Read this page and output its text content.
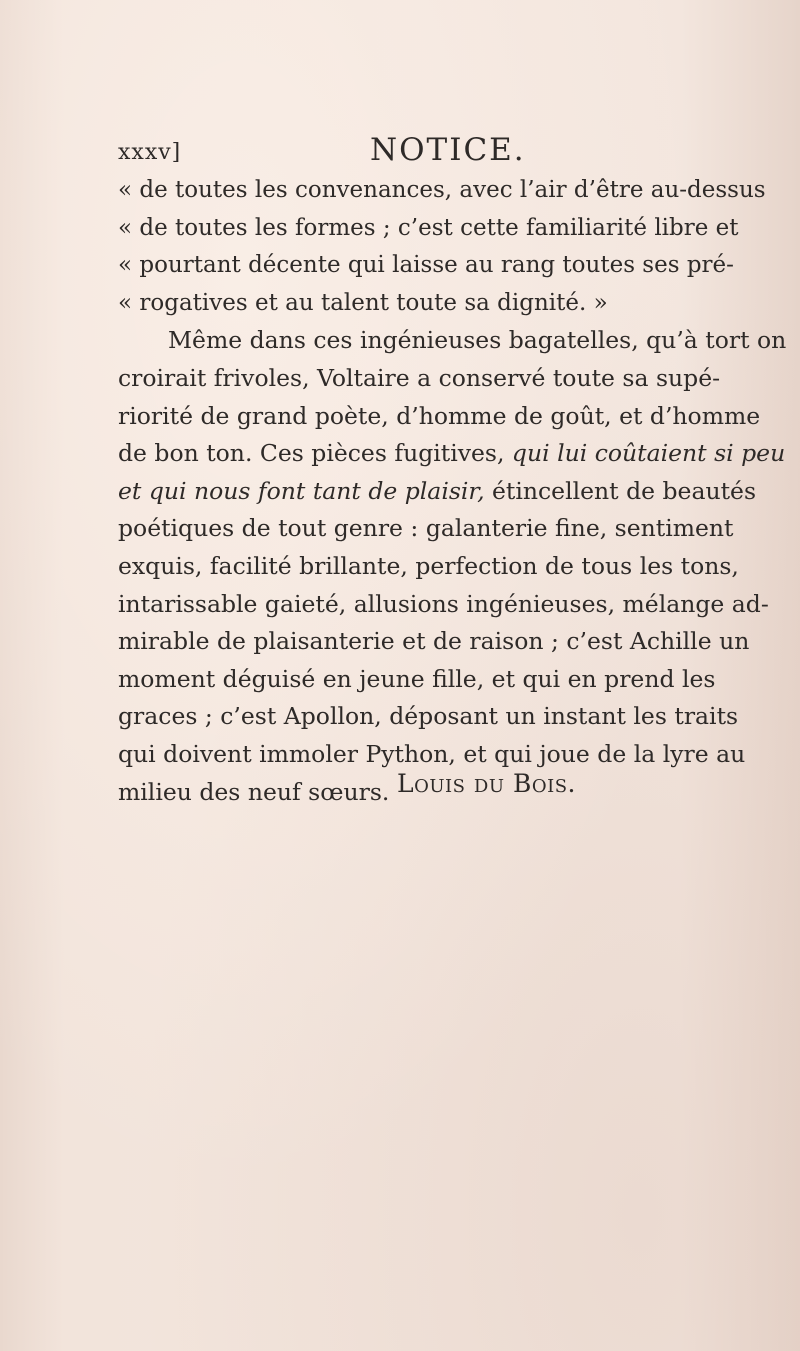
xxxv]	NOTICE.
« de toutes les convenances, avec l’air d’être au-dessus
« de toutes les formes ; c’est cette familiarité libre et
« pourtant décente qui laisse au rang toutes ses pré-
« rogatives et au talent toute sa dignité. »
Même dans ces ingénieuses bagatelles, qu’à tort on
croirait frivoles, Voltaire a conservé toute sa supé-
riorité de grand poète, d’homme de goût, et d’homme
de bon ton. Ces pièces fugitives, qui lui coûtaient si peu
et qui nous font tant de plaisir, étincellent de beautés
poétiques de tout genre : galanterie fine, sentiment
exquis, facilité brillante, perfection de tous les tons,
intarissable gaieté, allusions ingénieuses, mélange ad-
mirable de plaisanterie et de raison ; c’est Achille un
moment déguisé en jeune fille, et qui en prend les
graces ; c’est Apollon, déposant un instant les traits
qui doivent immoler Python, et qui joue de la lyre au
milieu des neuf sœurs. Louis du Bois.
